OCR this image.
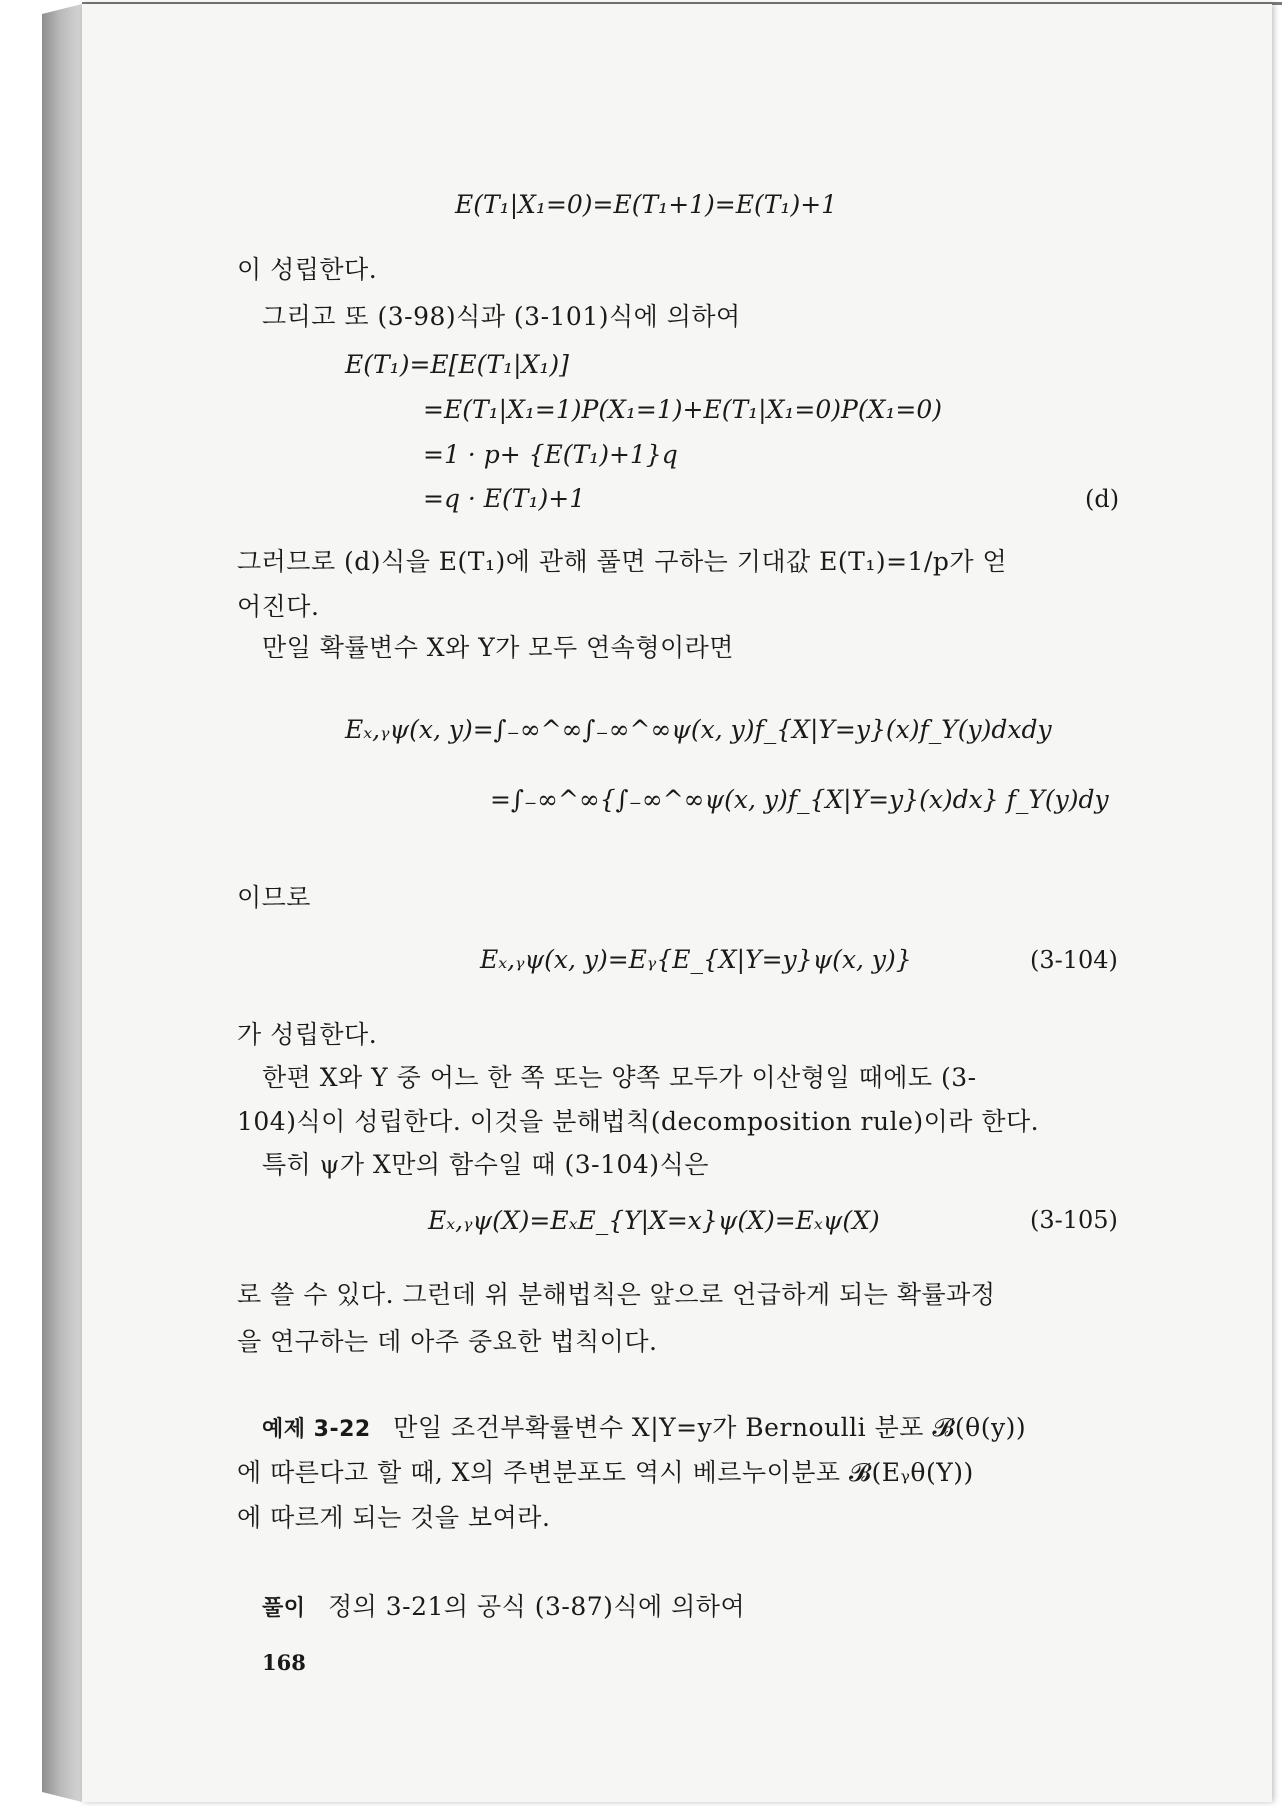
E(T₁|X₁=0)=E(T₁+1)=E(T₁)+1
이 성립한다.
그리고 또 (3-98)식과 (3-101)식에 의하여
E(T₁)=E[E(T₁|X₁)]
=E(T₁|X₁=1)P(X₁=1)+E(T₁|X₁=0)P(X₁=0)
=1 · p+ {E(T₁)+1}q
=q · E(T₁)+1	(d)
그러므로 (d)식을 E(T₁)에 관해 풀면 구하는 기대값 E(T₁)=1/p가 얻
어진다.
만일 확률변수 X와 Y가 모두 연속형이라면
Eₓ,ᵧψ(x, y)=∫₋∞^∞∫₋∞^∞ψ(x, y)f_{X|Y=y}(x)f_Y(y)dxdy
=∫₋∞^∞{∫₋∞^∞ψ(x, y)f_{X|Y=y}(x)dx} f_Y(y)dy
이므로
Eₓ,ᵧψ(x, y)=Eᵧ{E_{X|Y=y}ψ(x, y)}	(3-104)
가 성립한다.
한편 X와 Y 중 어느 한 쪽 또는 양쪽 모두가 이산형일 때에도 (3-
104)식이 성립한다. 이것을 분해법칙(decomposition rule)이라 한다.
특히 ψ가 X만의 함수일 때 (3-104)식은
Eₓ,ᵧψ(X)=EₓE_{Y|X=x}ψ(X)=Eₓψ(X)	(3-105)
로 쓸 수 있다. 그런데 위 분해법칙은 앞으로 언급하게 되는 확률과정
을 연구하는 데 아주 중요한 법칙이다.
예제 3-22 만일 조건부확률변수 X|Y=y가 Bernoulli 분포 𝓑(θ(y))
에 따른다고 할 때, X의 주변분포도 역시 베르누이분포 𝓑(Eᵧθ(Y))
에 따르게 되는 것을 보여라.
풀이 정의 3-21의 공식 (3-87)식에 의하여
168
